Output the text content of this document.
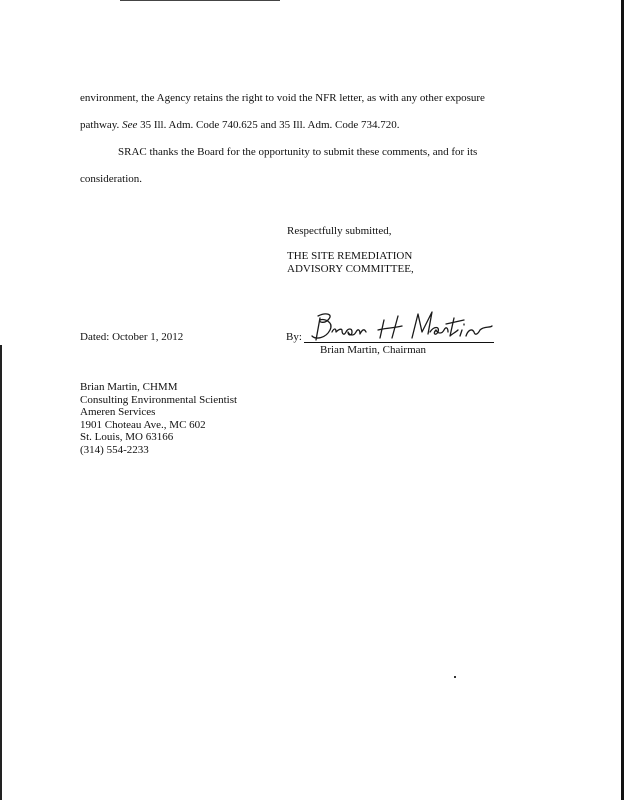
environment, the Agency retains the right to void the NFR letter, as with any other exposure
pathway. See 35 Ill. Adm. Code 740.625 and 35 Ill. Adm. Code 734.720.
SRAC thanks the Board for the opportunity to submit these comments, and for its
consideration.
Respectfully submitted,
THE SITE REMEDIATION
ADVISORY COMMITTEE,
Dated: October 1, 2012	By:
Brian Martin, Chairman
Brian Martin, CHMM
Consulting Environmental Scientist
Ameren Services
1901 Choteau Ave., MC 602
St. Louis, MO 63166
(314) 554-2233
